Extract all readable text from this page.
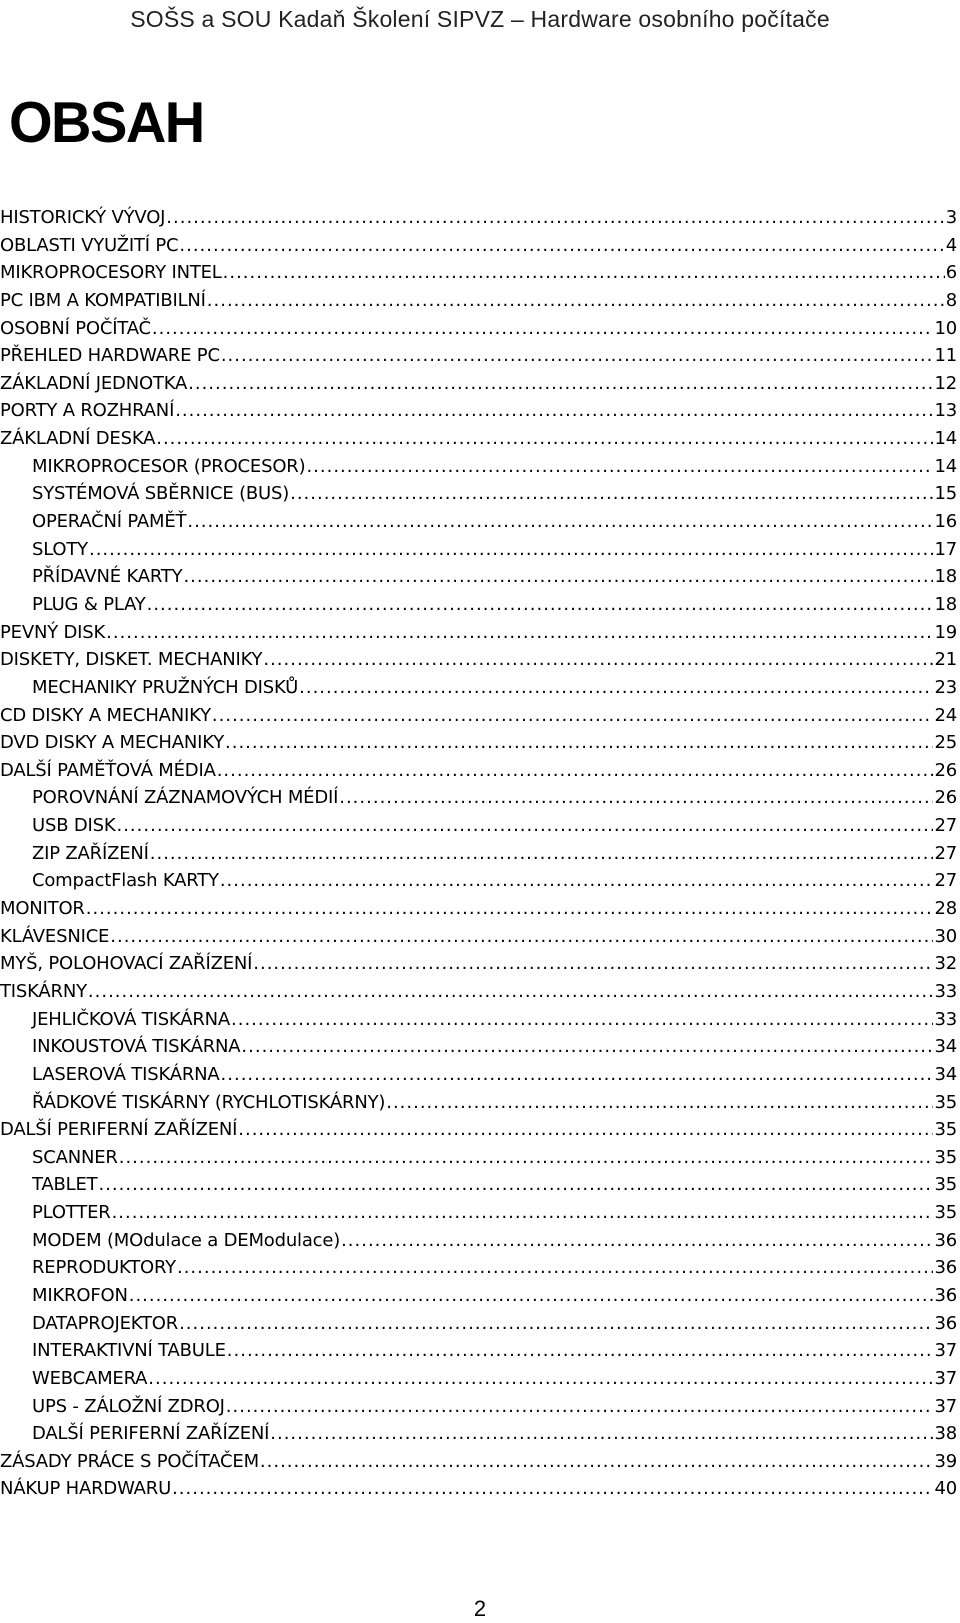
SOŠS a SOU Kadaň Školení SIPVZ – Hardware osobního počítače
OBSAH
HISTORICKÝ VÝVOJ .....	3
OBLASTI VYUŽITÍ PC .....	4
MIKROPROCESORY INTEL .....	6
PC IBM A KOMPATIBILNÍ .....	8
OSOBNÍ POČÍTAČ .....	10
PŘEHLED HARDWARE PC .....	11
ZÁKLADNÍ JEDNOTKA .....	12
PORTY A ROZHRANÍ .....	13
ZÁKLADNÍ DESKA .....	14
MIKROPROCESOR (PROCESOR) .....	14
SYSTÉMOVÁ SBĚRNICE (BUS) .....	15
OPERAČNÍ PAMĚŤ .....	16
SLOTY .....	17
PŘÍDAVNÉ KARTY .....	18
PLUG & PLAY .....	18
PEVNÝ DISK .....	19
DISKETY, DISKET. MECHANIKY .....	21
MECHANIKY PRUŽNÝCH DISKŮ .....	23
CD DISKY A MECHANIKY .....	24
DVD DISKY A MECHANIKY .....	25
DALŠÍ PAMĚŤOVÁ MÉDIA .....	26
POROVNÁNÍ ZÁZNAMOVÝCH MÉDIÍ .....	26
USB DISK .....	27
ZIP ZAŘÍZENÍ .....	27
CompactFlash KARTY .....	27
MONITOR .....	28
KLÁVESNICE .....	30
MYŠ, POLOHOVACÍ ZAŘÍZENÍ .....	32
TISKÁRNY .....	33
JEHLIČKOVÁ TISKÁRNA .....	33
INKOUSTOVÁ TISKÁRNA .....	34
LASEROVÁ TISKÁRNA .....	34
ŘÁDKOVÉ TISKÁRNY (RYCHLOTISKÁRNY) .....	35
DALŠÍ PERIFERNÍ ZAŘÍZENÍ .....	35
SCANNER .....	35
TABLET .....	35
PLOTTER .....	35
MODEM (MOdulace a DEModulace) .....	36
REPRODUKTORY .....	36
MIKROFON .....	36
DATAPROJEKTOR .....	36
INTERAKTIVNÍ TABULE .....	37
WEBCAMERA .....	37
UPS - ZÁLOŽNÍ ZDROJ .....	37
DALŠÍ PERIFERNÍ ZAŘÍZENÍ .....	38
ZÁSADY PRÁCE S POČÍTAČEM .....	39
NÁKUP HARDWARU .....	40
2
